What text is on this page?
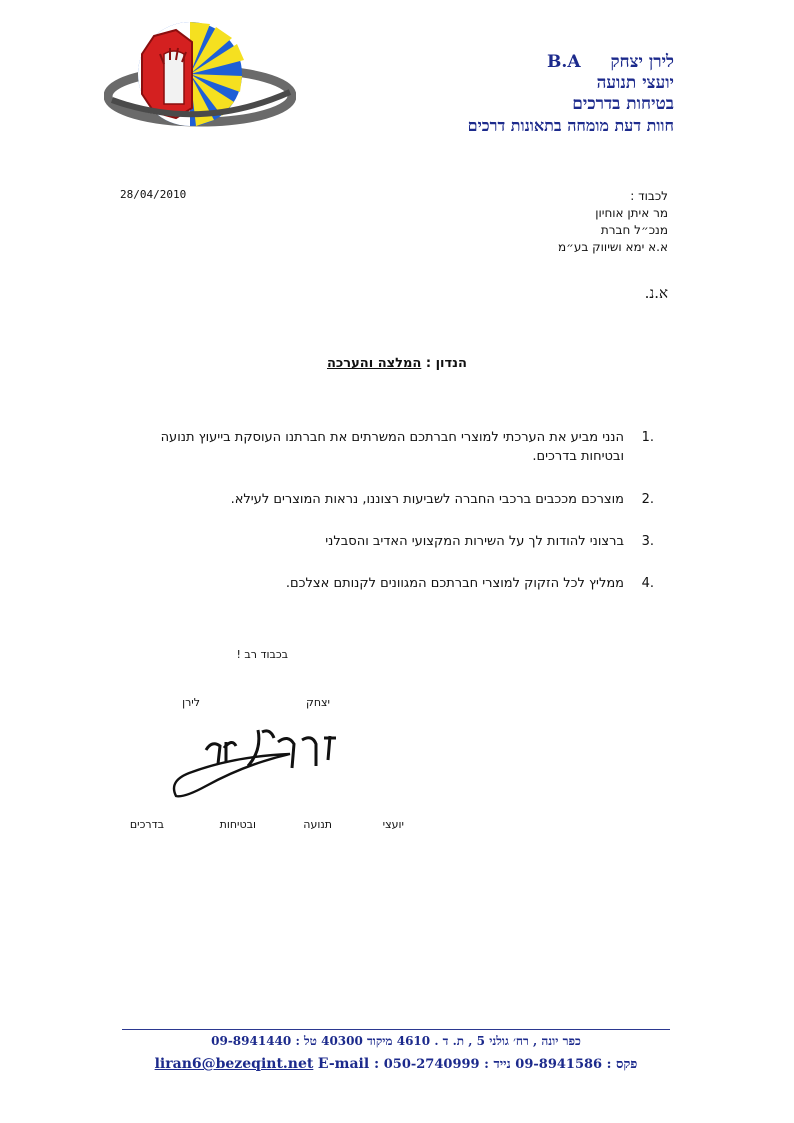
לירן יצחק B.A
יועצי תנועה
בטיחות בדרכים
חוות דעת מומחה בתאונות דרכים
28/04/2010	לכבוד :
מר איתן אוחיון
מנכ״ל חברת
א.א ימא ושיווק בע״מ
א.נ.
הנדון : המלצה והערכה
1.
הנני מביע את הערכתי למוצרי חברתכם המשרתים את חברתנו העוסקת בייעוץ תנועה ובטיחות בדרכים.
2.
מוצרכם מככבים ברכבי החברה לשביעות רצוננו, נראות המוצרים לעילא.
3.
ברצוני להודות לך על השירות המקצועי האדיב והסבלני
4.
ממליץ לכל הזקוק למוצרי חברתכם המגוונים לקנותם אצלכם.
בכבוד רב !
יצחק
לירן
יועצי
תנועה
ובטיחות
בדרכים
כפר יונה , רח׳ גולני 5 , ת. ד . 4610 מיקוד 40300 טל : 09-8941440
פקס : 09-8941586 נייד : 050-2740999 liran6@bezeqint.net E-mail :
